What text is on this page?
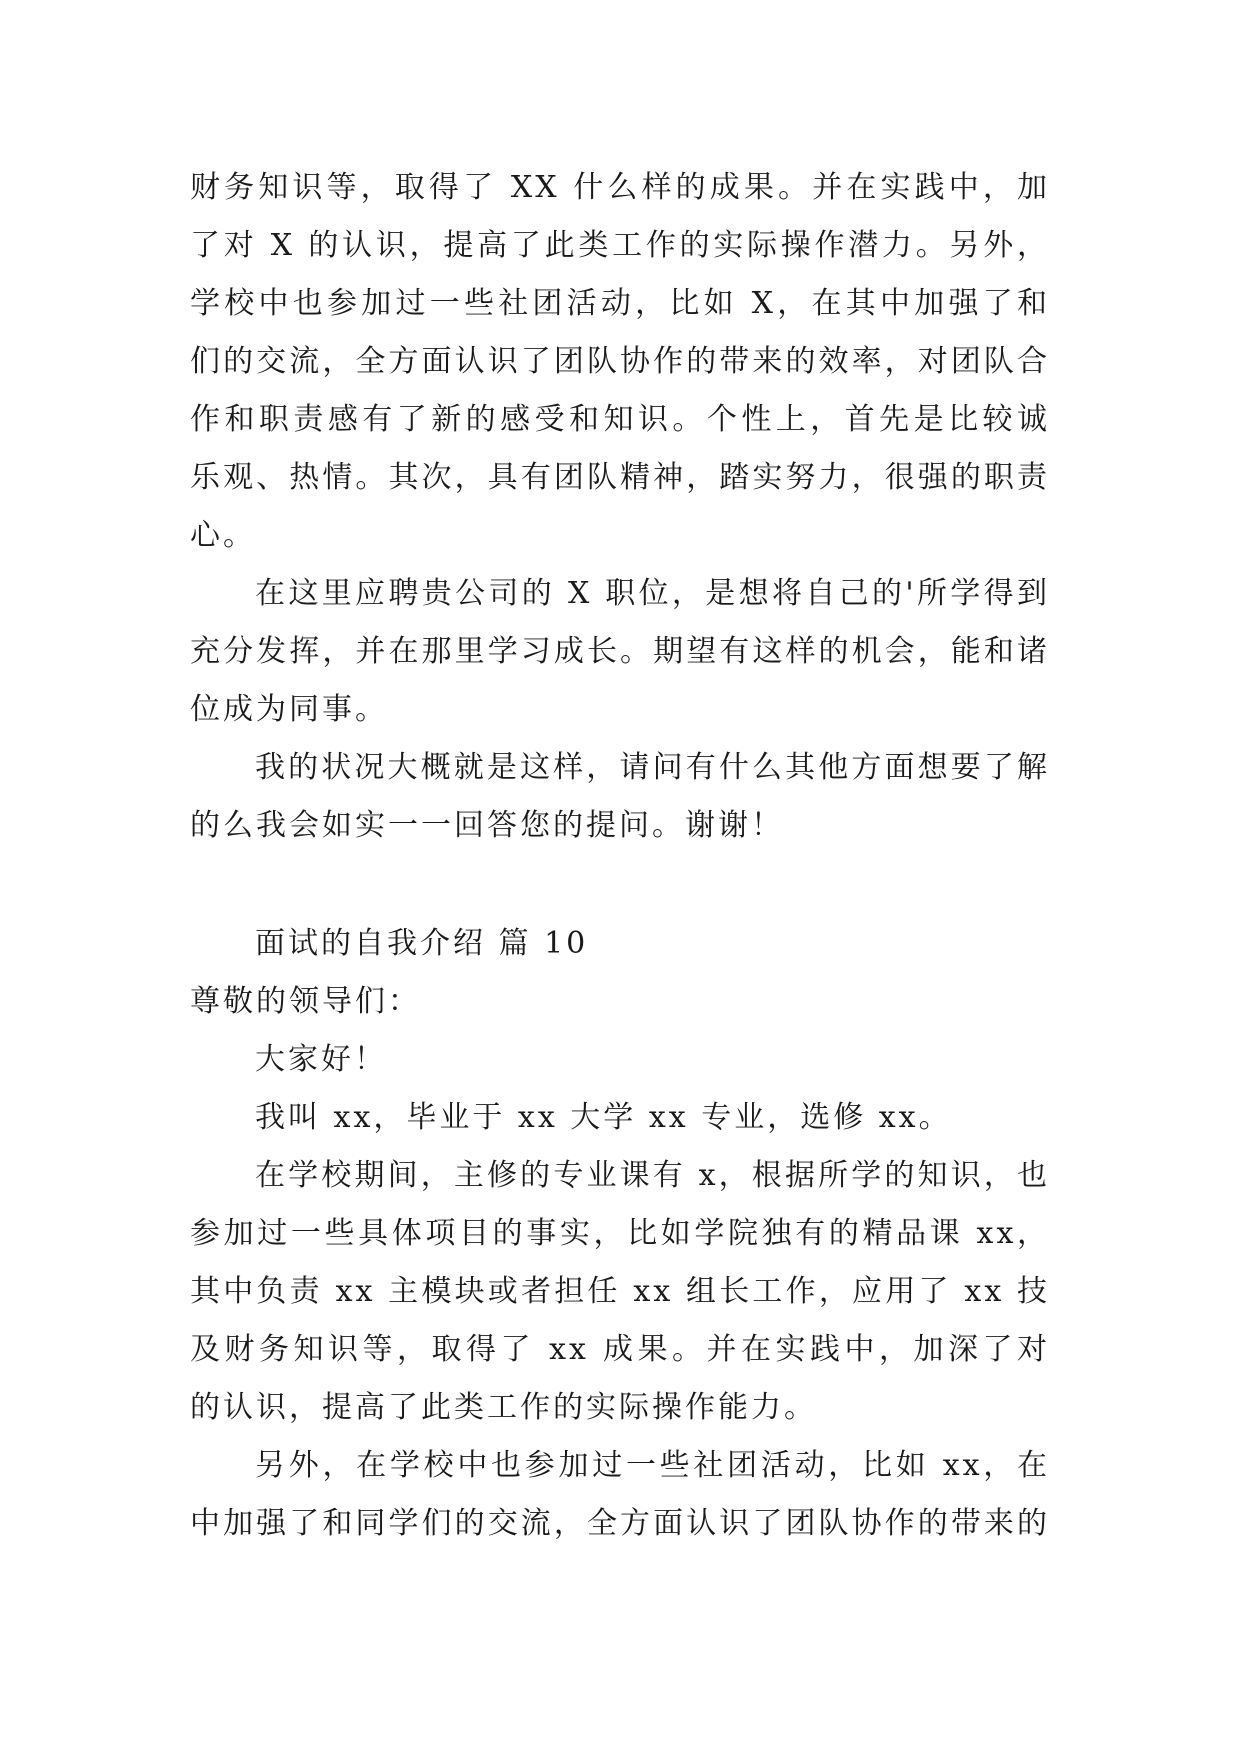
财务知识等，取得了 XX 什么样的成果。并在实践中，加
了对 X 的认识，提高了此类工作的实际操作潜力。另外，
学校中也参加过一些社团活动，比如 X，在其中加强了和
们的交流，全方面认识了团队协作的带来的效率，对团队合
作和职责感有了新的感受和知识。个性上，首先是比较诚
乐观、热情。其次，具有团队精神，踏实努力，很强的职责
心。
在这里应聘贵公司的 X 职位，是想将自己的'所学得到
充分发挥，并在那里学习成长。期望有这样的机会，能和诸
位成为同事。
我的状况大概就是这样，请问有什么其他方面想要了解
的么我会如实一一回答您的提问。谢谢！
面试的自我介绍 篇 10
尊敬的领导们：
大家好！
我叫 xx，毕业于 xx 大学 xx 专业，选修 xx。
在学校期间，主修的专业课有 x，根据所学的知识，也
参加过一些具体项目的事实，比如学院独有的精品课 xx，
其中负责 xx 主模块或者担任 xx 组长工作，应用了 xx 技
及财务知识等，取得了 xx 成果。并在实践中，加深了对
的认识，提高了此类工作的实际操作能力。
另外，在学校中也参加过一些社团活动，比如 xx，在
中加强了和同学们的交流，全方面认识了团队协作的带来的
